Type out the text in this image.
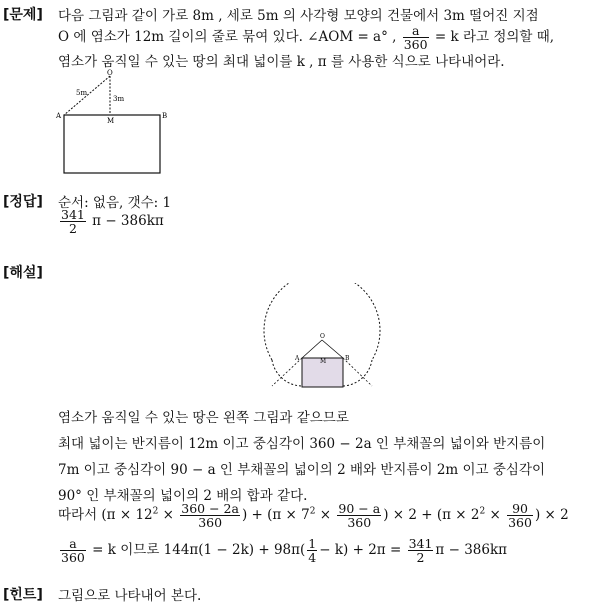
[문제] 다음 그림과 같이 가로 8m , 세로 5m 의 사각형 모양의 건물에서 3m 떨어진 지점
O 에 염소가 12m 길이의 줄로 묶여 있다. ∠AOM = a° , $\frac{a}{360} = k$ 라고 정의할 때,
염소가 움직일 수 있는 땅의 최대 넓이를 k , π 를 사용한 식으로 나타내어라.
O
A
M
B
5m
3m
[정답] 순서: 없음, 갯수: 1
$\frac{341}{2}$ π − 386kπ
[해설]
O
A	M	B
염소가 움직일 수 있는 땅은 왼쪽 그림과 같으므로
최대 넓이는 반지름이 12m 이고 중심각이 360 − 2a 인 부채꼴의 넓이와 반지름이
7m 이고 중심각이 90 − a 인 부채꼴의 넓이의 2 배와 반지름이 2m 이고 중심각이
90° 인 부채꼴의 넓이의 2 배의 합과 같다.
따라서 ($\pi \times 12^2 \times \frac{360 - 2a}{360}$ ) + ($\pi \times 7^2 \times \frac{90 - a}{360}$ ) × $2 + (\pi \times 2^2 \times \frac{90}{360}$ ) × 2
$\frac{a}{360} = k$ 이므로 $144\pi(1 - 2k) + 98\pi( \frac{1}{4} - k) + 2\pi = \frac{341}{2}$ π − 386kπ
[힌트] 그림으로 나타내어 본다.
